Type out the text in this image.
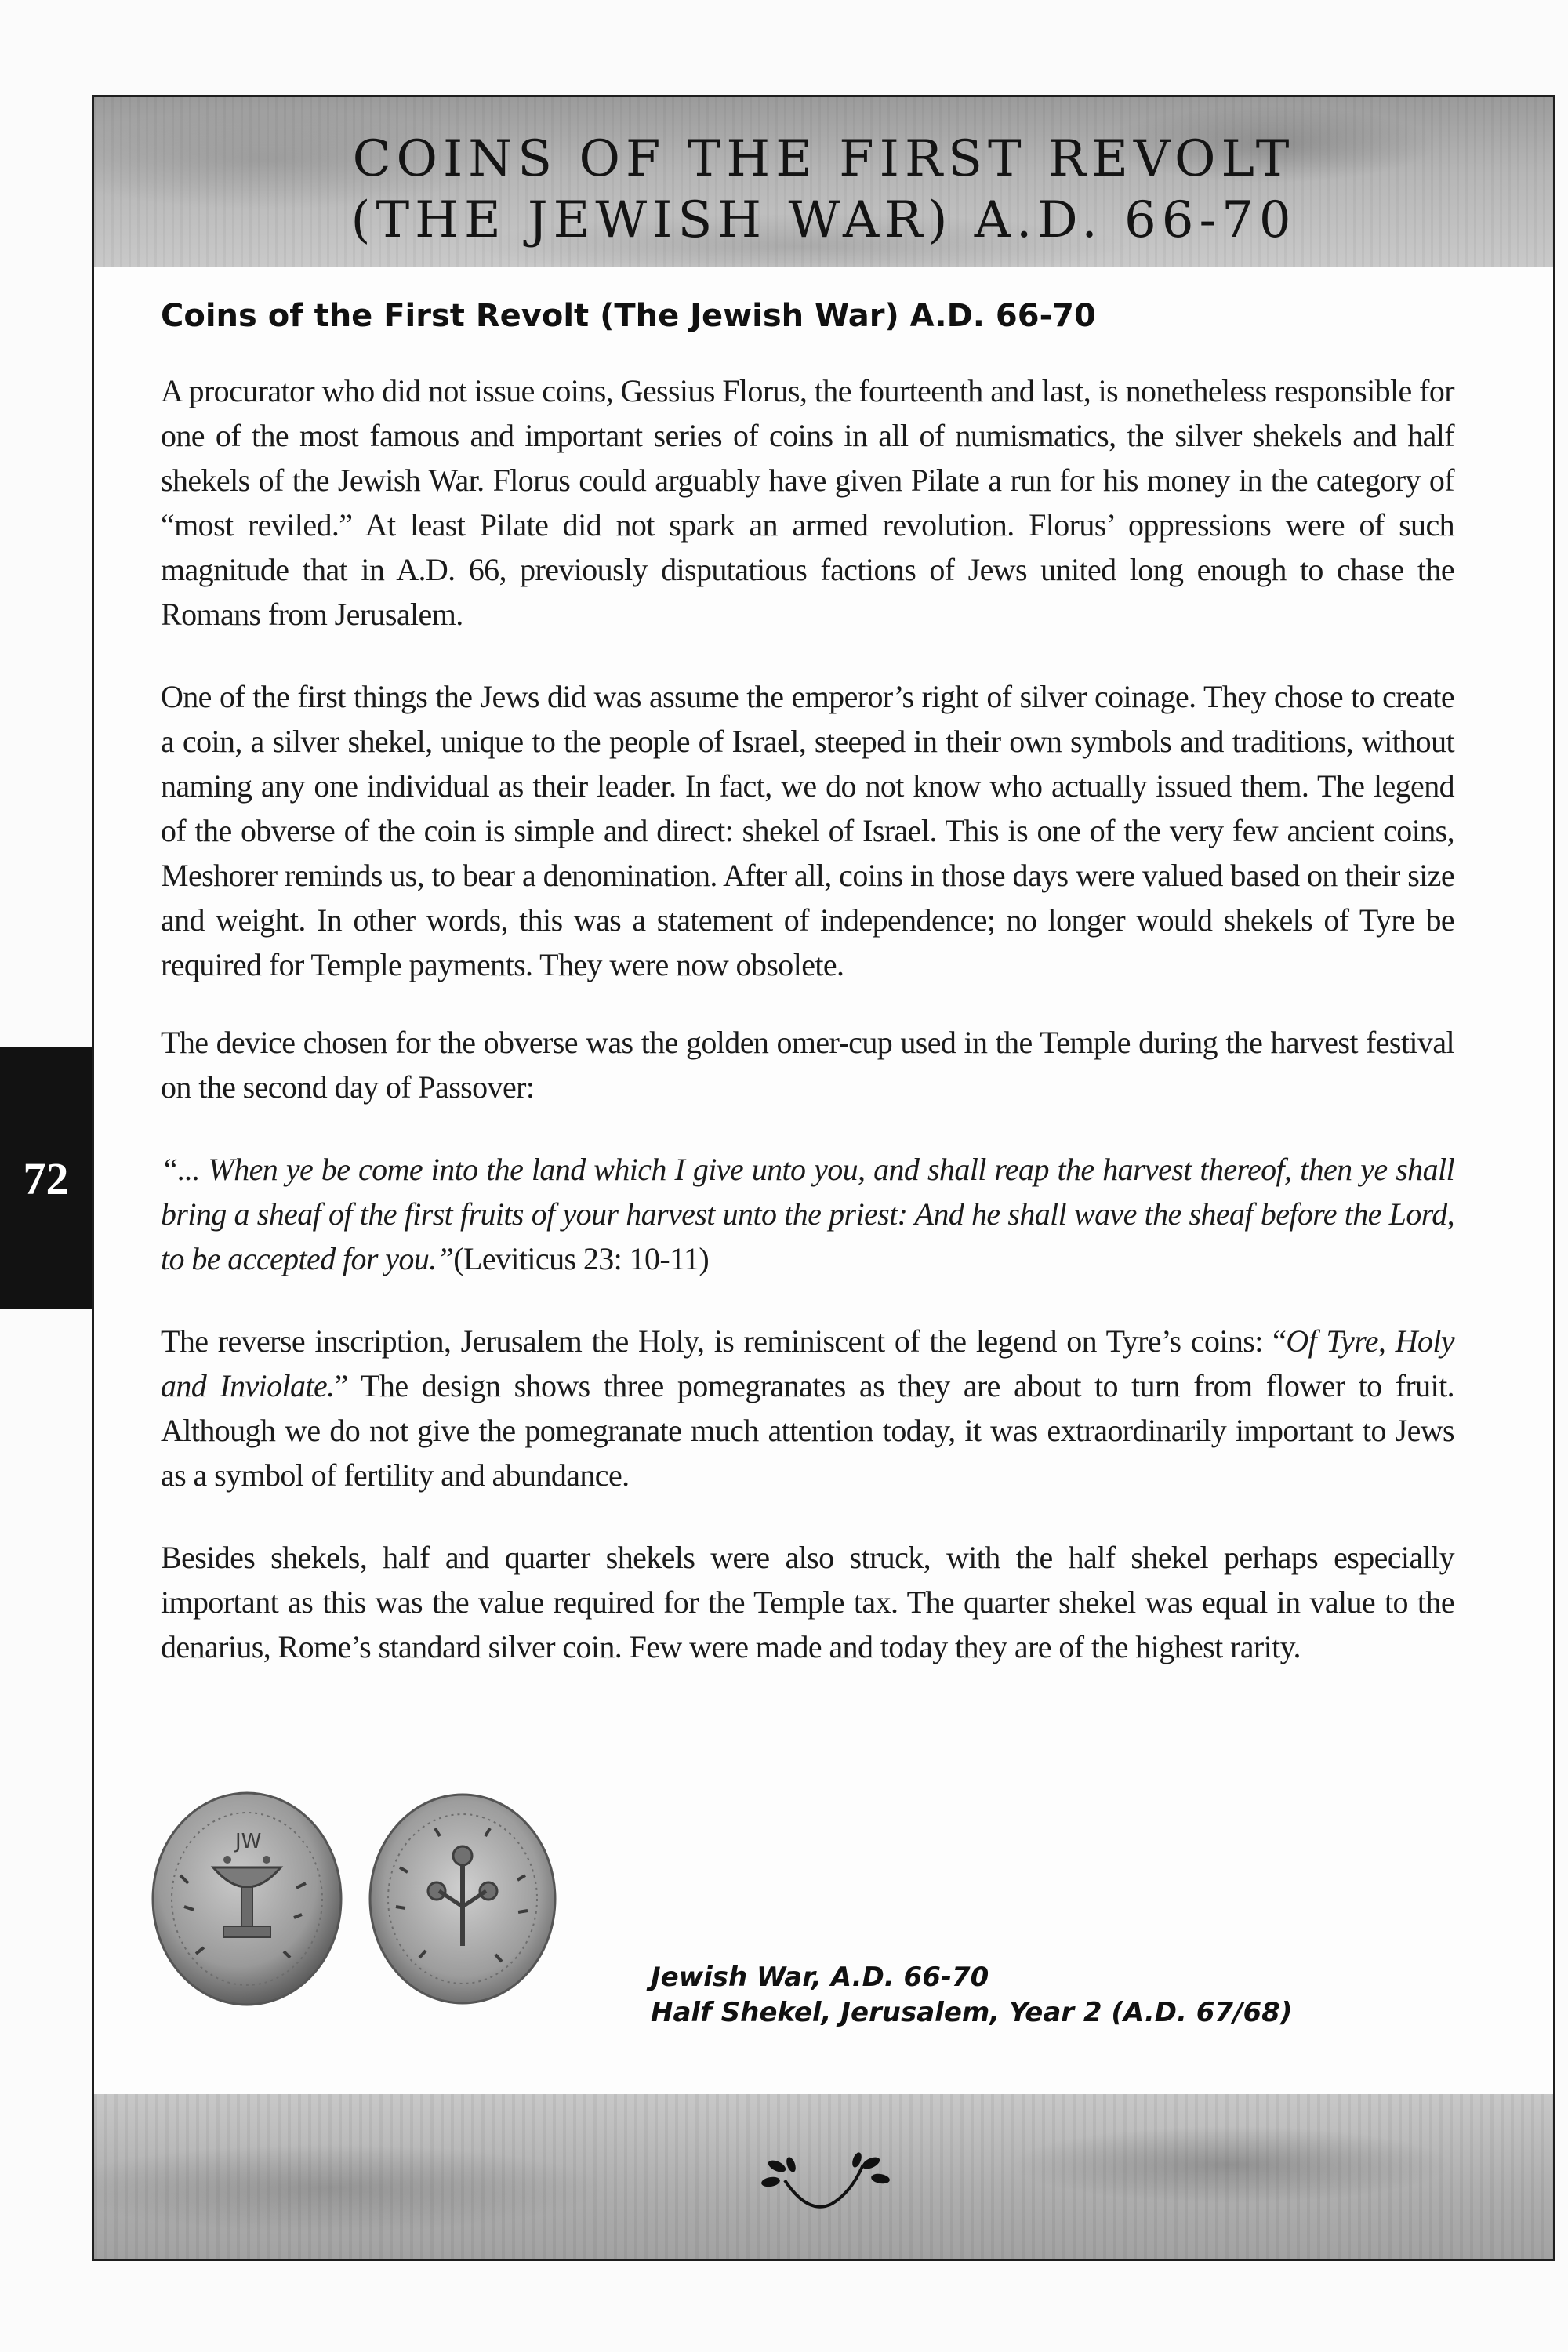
COINS OF THE FIRST REVOLT
(THE JEWISH WAR) A.D. 66-70
Coins of the First Revolt (The Jewish War) A.D. 66-70

A procurator who did not issue coins, Gessius Florus, the fourteenth and last, is nonetheless responsible for one of the most famous and important series of coins in all of numismatics, the silver shekels and half shekels of the Jewish War. Florus could arguably have given Pilate a run for his money in the category of “most reviled.” At least Pilate did not spark an armed revolution. Florus’ oppressions were of such magnitude that in A.D. 66, previously disputatious factions of Jews united long enough to chase the Romans from Jerusalem.

One of the first things the Jews did was assume the emperor’s right of silver coinage. They chose to create a coin, a silver shekel, unique to the people of Israel, steeped in their own symbols and traditions, without naming any one individual as their leader. In fact, we do not know who actually issued them. The legend of the obverse of the coin is simple and direct: shekel of Israel. This is one of the very few ancient coins, Meshorer reminds us, to bear a denomination. After all, coins in those days were valued based on their size and weight. In other words, this was a statement of independence; no longer would shekels of Tyre be required for Temple payments. They were now obsolete.

The device chosen for the obverse was the golden omer-cup used in the Temple during the harvest festival on the second day of Passover:

“... When ye be come into the land which I give unto you, and shall reap the harvest thereof, then ye shall bring a sheaf of the first fruits of your harvest unto the priest: And he shall wave the sheaf before the Lord, to be accepted for you.”(Leviticus 23: 10-11)

The reverse inscription, Jerusalem the Holy, is reminiscent of the legend on Tyre’s coins: “Of Tyre, Holy and Inviolate.” The design shows three pomegranates as they are about to turn from flower to fruit. Although we do not give the pomegranate much attention today, it was extraordinarily important to Jews as a symbol of fertility and abundance.

Besides shekels, half and quarter shekels were also struck, with the half shekel perhaps especially important as this was the value required for the Temple tax. The quarter shekel was equal in value to the denarius, Rome’s standard silver coin. Few were made and today they are of the highest rarity.

JW
Jewish War, A.D. 66-70
Half Shekel, Jerusalem, Year 2 (A.D. 67/68)
72
